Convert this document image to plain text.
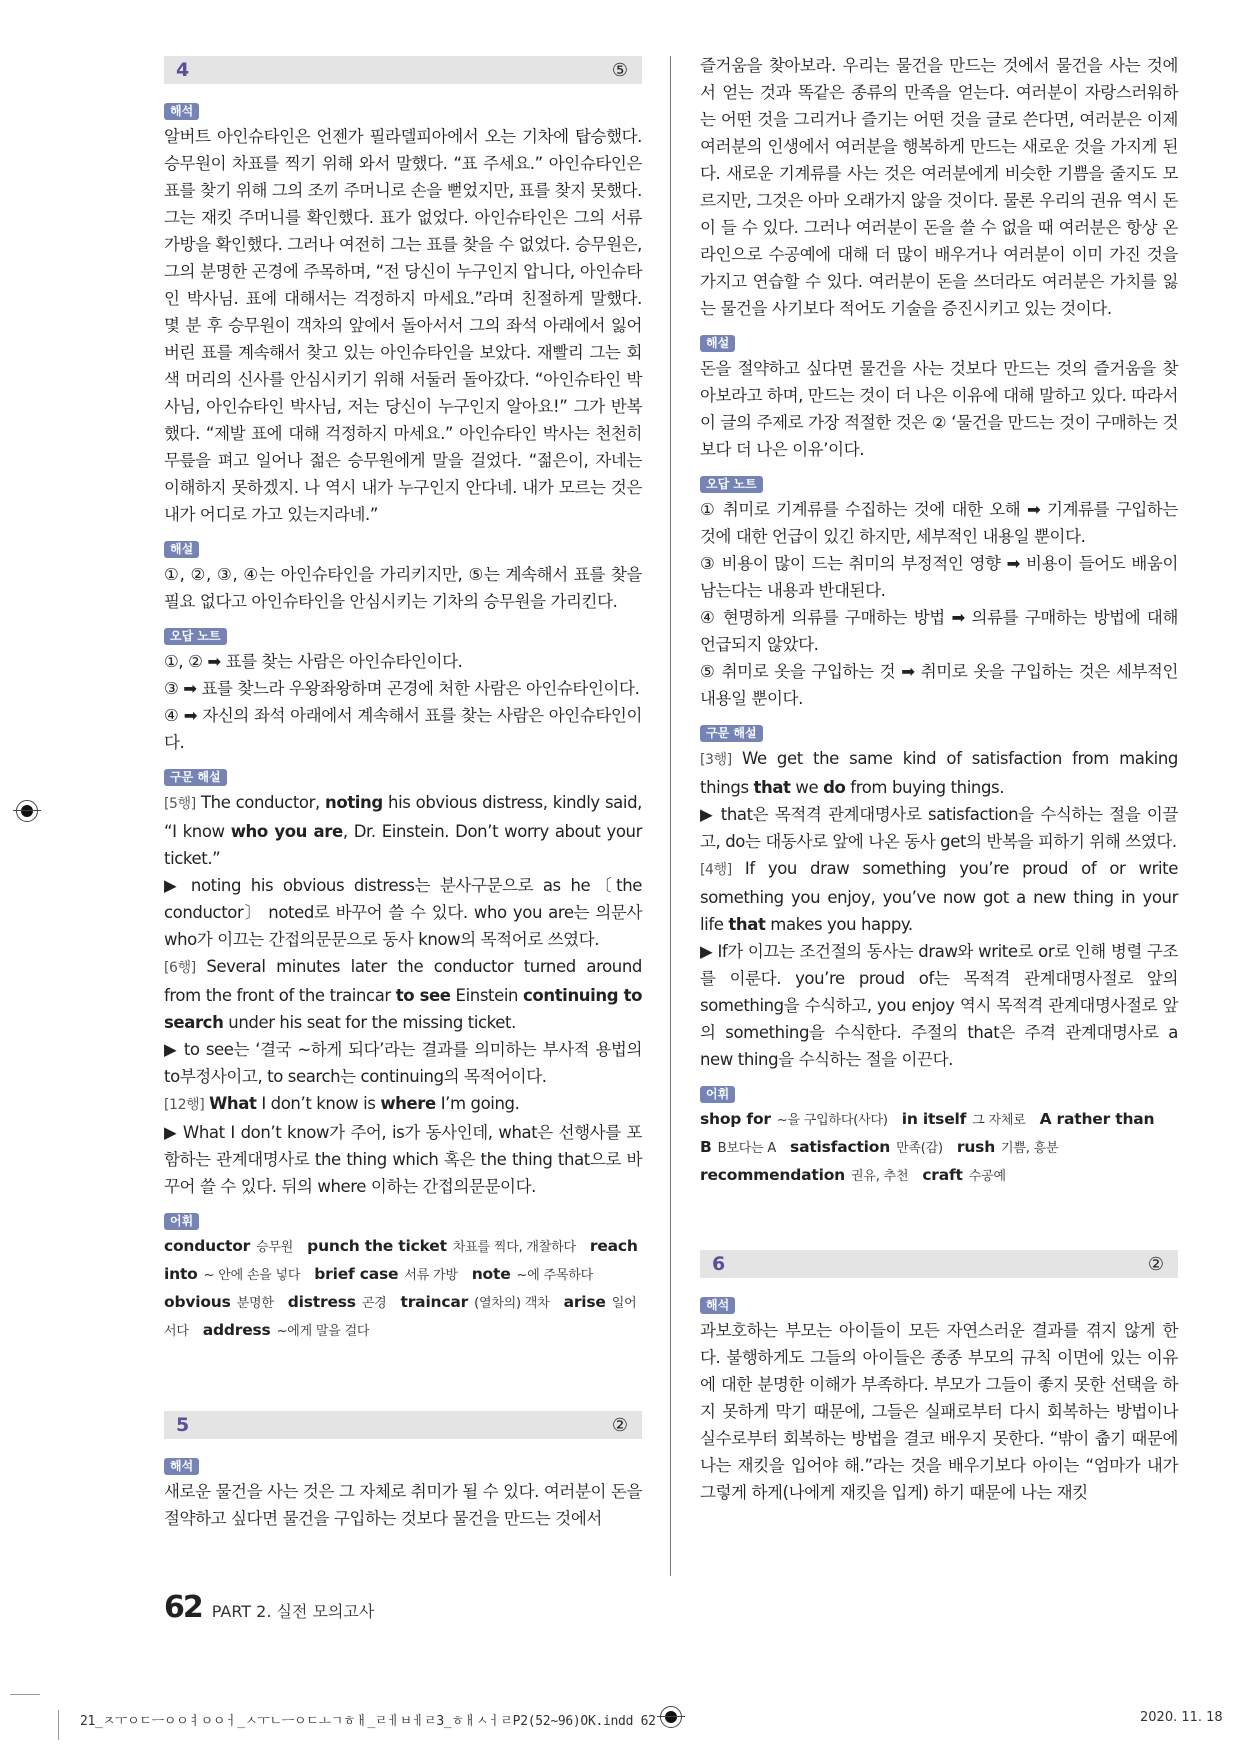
4	⑤
해석

알버트 아인슈타인은 언젠가 필라델피아에서 오는 기차에 탑승했다. 승무원이 차표를 찍기 위해 와서 말했다. “표 주세요.” 아인슈타인은 표를 찾기 위해 그의 조끼 주머니로 손을 뻗었지만, 표를 찾지 못했다. 그는 재킷 주머니를 확인했다. 표가 없었다. 아인슈타인은 그의 서류 가방을 확인했다. 그러나 여전히 그는 표를 찾을 수 없었다. 승무원은, 그의 분명한 곤경에 주목하며, “전 당신이 누구인지 압니다, 아인슈타인 박사님. 표에 대해서는 걱정하지 마세요.”라며 친절하게 말했다. 몇 분 후 승무원이 객차의 앞에서 돌아서서 그의 좌석 아래에서 잃어버린 표를 계속해서 찾고 있는 아인슈타인을 보았다. 재빨리 그는 회색 머리의 신사를 안심시키기 위해 서둘러 돌아갔다. “아인슈타인 박사님, 아인슈타인 박사님, 저는 당신이 누구인지 알아요!” 그가 반복했다. “제발 표에 대해 걱정하지 마세요.” 아인슈타인 박사는 천천히 무릎을 펴고 일어나 젊은 승무원에게 말을 걸었다. “젊은이, 자네는 이해하지 못하겠지. 나 역시 내가 누구인지 안다네. 내가 모르는 것은 내가 어디로 가고 있는지라네.”

해설

①, ②, ③, ④는 아인슈타인을 가리키지만, ⑤는 계속해서 표를 찾을 필요 없다고 아인슈타인을 안심시키는 기차의 승무원을 가리킨다.

오답 노트

①, ② ➡ 표를 찾는 사람은 아인슈타인이다.

③ ➡ 표를 찾느라 우왕좌왕하며 곤경에 처한 사람은 아인슈타인이다.

④ ➡ 자신의 좌석 아래에서 계속해서 표를 찾는 사람은 아인슈타인이다.

구문 해설

[5행] The conductor, noting his obvious distress, kindly said, “I know who you are, Dr. Einstein. Don’t worry about your ticket.”

▶ noting his obvious distress는 분사구문으로 as he〔the conductor〕 noted로 바꾸어 쓸 수 있다. who you are는 의문사 who가 이끄는 간접의문문으로 동사 know의 목적어로 쓰였다.

[6행] Several minutes later the conductor turned around from the front of the traincar to see Einstein continuing to search under his seat for the missing ticket.

▶ to see는 ‘결국 ~하게 되다’라는 결과를 의미하는 부사적 용법의 to부정사이고, to search는 continuing의 목적어이다.

[12행] What I don’t know is where I’m going.

▶ What I don’t know가 주어, is가 동사인데, what은 선행사를 포함하는 관계대명사로 the thing which 혹은 the thing that으로 바꾸어 쓸 수 있다. 뒤의 where 이하는 간접의문문이다.

어휘
conductor 승무원 punch the ticket 차표를 찍다, 개찰하다 reach into ~ 안에 손을 넣다 brief case 서류 가방 note ~에 주목하다obvious 분명한 distress 곤경 traincar (열차의) 객차 arise 일어서다 address ~에게 말을 걸다
5	②
해석

새로운 물건을 사는 것은 그 자체로 취미가 될 수 있다. 여러분이 돈을 절약하고 싶다면 물건을 구입하는 것보다 물건을 만드는 것에서

즐거움을 찾아보라. 우리는 물건을 만드는 것에서 물건을 사는 것에서 얻는 것과 똑같은 종류의 만족을 얻는다. 여러분이 자랑스러워하는 어떤 것을 그리거나 즐기는 어떤 것을 글로 쓴다면, 여러분은 이제 여러분의 인생에서 여러분을 행복하게 만드는 새로운 것을 가지게 된다. 새로운 기계류를 사는 것은 여러분에게 비슷한 기쁨을 줄지도 모르지만, 그것은 아마 오래가지 않을 것이다. 물론 우리의 권유 역시 돈이 들 수 있다. 그러나 여러분이 돈을 쓸 수 없을 때 여러분은 항상 온라인으로 수공예에 대해 더 많이 배우거나 여러분이 이미 가진 것을 가지고 연습할 수 있다. 여러분이 돈을 쓰더라도 여러분은 가치를 잃는 물건을 사기보다 적어도 기술을 증진시키고 있는 것이다.

해설

돈을 절약하고 싶다면 물건을 사는 것보다 만드는 것의 즐거움을 찾아보라고 하며, 만드는 것이 더 나은 이유에 대해 말하고 있다. 따라서 이 글의 주제로 가장 적절한 것은 ② ‘물건을 만드는 것이 구매하는 것보다 더 나은 이유’이다.

오답 노트

① 취미로 기계류를 수집하는 것에 대한 오해 ➡ 기계류를 구입하는 것에 대한 언급이 있긴 하지만, 세부적인 내용일 뿐이다.

③ 비용이 많이 드는 취미의 부정적인 영향 ➡ 비용이 들어도 배움이 남는다는 내용과 반대된다.

④ 현명하게 의류를 구매하는 방법 ➡ 의류를 구매하는 방법에 대해 언급되지 않았다.

⑤ 취미로 옷을 구입하는 것 ➡ 취미로 옷을 구입하는 것은 세부적인 내용일 뿐이다.

구문 해설

[3행] We get the same kind of satisfaction from making things that we do from buying things.

▶ that은 목적격 관계대명사로 satisfaction을 수식하는 절을 이끌고, do는 대동사로 앞에 나온 동사 get의 반복을 피하기 위해 쓰였다.

[4행] If you draw something you’re proud of or write something you enjoy, you’ve now got a new thing in your life that makes you happy.

▶ If가 이끄는 조건절의 동사는 draw와 write로 or로 인해 병렬 구조를 이룬다. you’re proud of는 목적격 관계대명사절로 앞의 something을 수식하고, you enjoy 역시 목적격 관계대명사절로 앞의 something을 수식한다. 주절의 that은 주격 관계대명사로 a new thing을 수식하는 절을 이끈다.

어휘
shop for ~을 구입하다(사다) in itself 그 자체로 A rather than B B보다는 A satisfaction 만족(감) rush 기쁨, 흥분recommendation 권유, 추천 craft 수공예
6	②
해석

과보호하는 부모는 아이들이 모든 자연스러운 결과를 겪지 않게 한다. 불행하게도 그들의 아이들은 종종 부모의 규칙 이면에 있는 이유에 대한 분명한 이해가 부족하다. 부모가 그들이 좋지 못한 선택을 하지 못하게 막기 때문에, 그들은 실패로부터 다시 회복하는 방법이나 실수로부터 회복하는 방법을 결코 배우지 못한다. “밖이 춥기 때문에 나는 재킷을 입어야 해.”라는 것을 배우기보다 아이는 “엄마가 내가 그렇게 하게(나에게 재킷을 입게) 하기 때문에 나는 재킷

62 PART 2. 실전 모의고사
21_ㅈㅜㅇㄷㅡㅇㅇㅕㅇㅇㅓ_ㅅㅜㄴㅡㅇㄷㅗㄱㅎㅐ_ㄹㅔㅂㅔㄹ3_ㅎㅐㅅㅓㄹP2(52~96)OK.indd 62	2020. 11. 18
